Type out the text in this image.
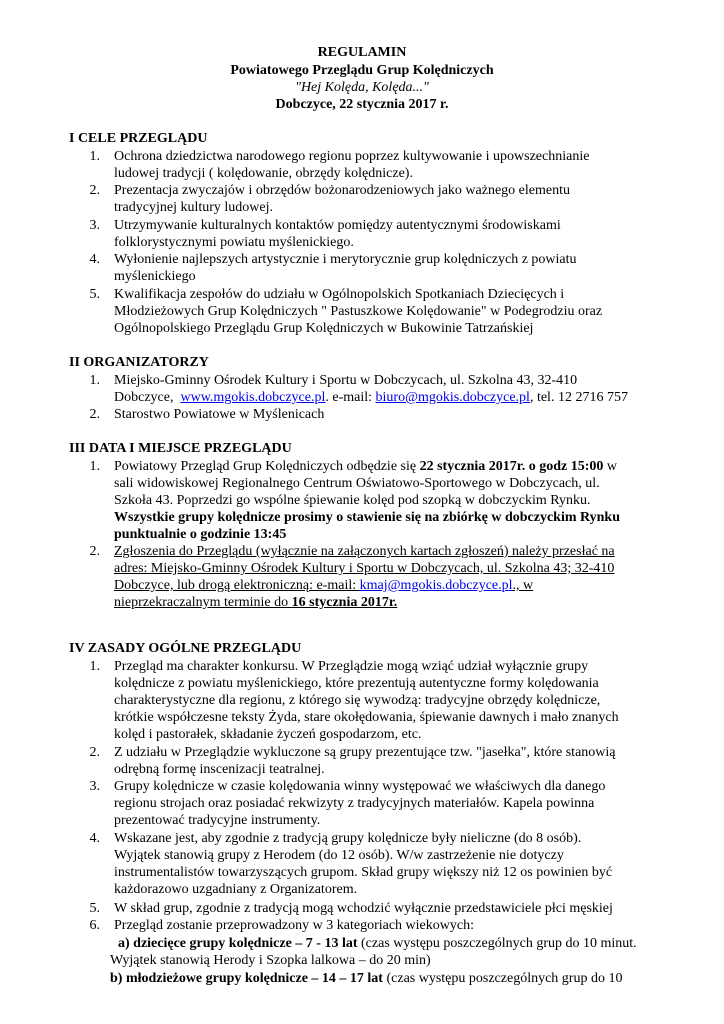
REGULAMIN
Powiatowego Przeglądu Grup Kolędniczych
"Hej Kolęda, Kolęda..."
Dobczyce, 22 stycznia 2017 r.
I CELE PRZEGLĄDU
1. Ochrona dziedzictwa narodowego regionu poprzez kultywowanie i upowszechnianie
ludowej tradycji ( kolędowanie, obrzędy kolędnicze).
2. Prezentacja zwyczajów i obrzędów bożonarodzeniowych jako ważnego elementu
tradycyjnej kultury ludowej.
3. Utrzymywanie kulturalnych kontaktów pomiędzy autentycznymi środowiskami
folklorystycznymi powiatu myślenickiego.
4. Wyłonienie najlepszych artystycznie i merytorycznie grup kolędniczych z powiatu
myślenickiego
5. Kwalifikacja zespołów do udziału w Ogólnopolskich Spotkaniach Dziecięcych i
Młodzieżowych Grup Kolędniczych " Pastuszkowe Kolędowanie" w Podegrodziu oraz
Ogólnopolskiego Przeglądu Grup Kolędniczych w Bukowinie Tatrzańskiej
II ORGANIZATORZY
1. Miejsko-Gminny Ośrodek Kultury i Sportu w Dobczycach, ul. Szkolna 43, 32-410
Dobczyce, www.mgokis.dobczyce.pl. e-mail: biuro@mgokis.dobczyce.pl, tel. 12 2716 757
2. Starostwo Powiatowe w Myślenicach
III DATA I MIEJSCE PRZEGLĄDU
1. Powiatowy Przegląd Grup Kolędniczych odbędzie się 22 stycznia 2017r. o godz 15:00 w
sali widowiskowej Regionalnego Centrum Oświatowo-Sportowego w Dobczycach, ul.
Szkoła 43. Poprzedzi go wspólne śpiewanie kolęd pod szopką w dobczyckim Rynku.
Wszystkie grupy kolędnicze prosimy o stawienie się na zbiórkę w dobczyckim Rynku
punktualnie o godzinie 13:45
2. Zgłoszenia do Przeglądu (wyłącznie na załączonych kartach zgłoszeń) należy przesłać na
adres: Miejsko-Gminny Ośrodek Kultury i Sportu w Dobczycach, ul. Szkolna 43; 32-410
Dobczyce, lub drogą elektroniczną: e-mail: kmaj@mgokis.dobczyce.pl., w
nieprzekraczalnym terminie do 16 stycznia 2017r.
IV ZASADY OGÓLNE PRZEGLĄDU
1. Przegląd ma charakter konkursu. W Przeglądzie mogą wziąć udział wyłącznie grupy
kolędnicze z powiatu myślenickiego, które prezentują autentyczne formy kolędowania
charakterystyczne dla regionu, z którego się wywodzą: tradycyjne obrzędy kolędnicze,
krótkie współczesne teksty Żyda, stare okołędowania, śpiewanie dawnych i mało znanych
kolęd i pastorałek, składanie życzeń gospodarzom, etc.
2. Z udziału w Przeglądzie wykluczone są grupy prezentujące tzw. "jasełka", które stanowią
odrębną formę inscenizacji teatralnej.
3. Grupy kolędnicze w czasie kolędowania winny występować we właściwych dla danego
regionu strojach oraz posiadać rekwizyty z tradycyjnych materiałów. Kapela powinna
prezentować tradycyjne instrumenty.
4. Wskazane jest, aby zgodnie z tradycją grupy kolędnicze były nieliczne (do 8 osób).
Wyjątek stanowią grupy z Herodem (do 12 osób). W/w zastrzeżenie nie dotyczy
instrumentalistów towarzyszących grupom. Skład grupy większy niż 12 os powinien być
każdorazowo uzgadniany z Organizatorem.
5. W skład grup, zgodnie z tradycją mogą wchodzić wyłącznie przedstawiciele płci męskiej
6. Przegląd zostanie przeprowadzony w 3 kategoriach wiekowych:
a) dziecięce grupy kolędnicze – 7 - 13 lat (czas występu poszczególnych grup do 10 minut.
Wyjątek stanowią Herody i Szopka lalkowa – do 20 min)
b) młodzieżowe grupy kolędnicze – 14 – 17 lat (czas występu poszczególnych grup do 10
